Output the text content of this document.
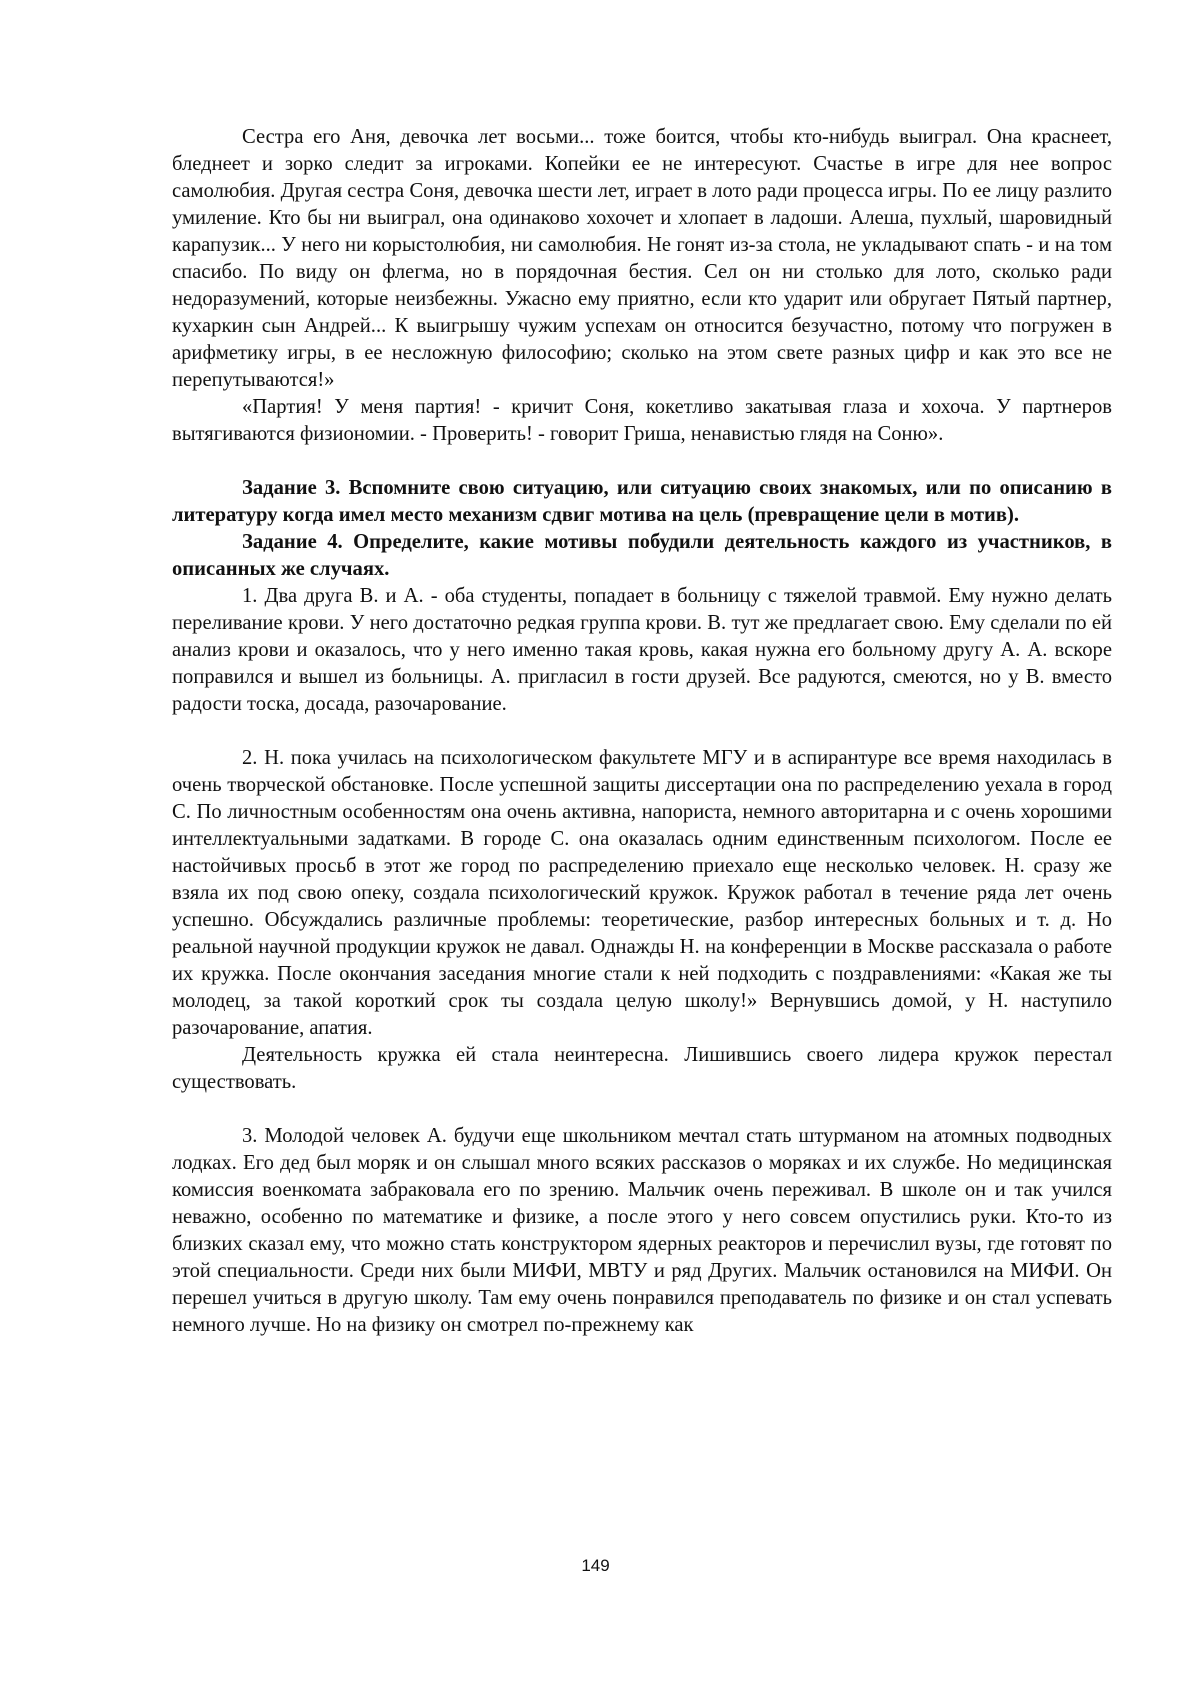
Сестра его Аня, девочка лет восьми... тоже боится, чтобы кто-нибудь выиграл. Она краснеет, бледнеет и зорко следит за игроками. Копейки ее не интересуют. Счастье в игре для нее вопрос самолюбия. Другая сестра Соня, девочка шести лет, играет в лото ради процесса игры. По ее лицу разлито умиление. Кто бы ни выиграл, она одинаково хохочет и хлопает в ладоши. Алеша, пухлый, шаровидный карапузик... У него ни корыстолюбия, ни самолюбия. Не гонят из-за стола, не укладывают спать - и на том спасибо. По виду он флегма, но в порядочная бестия. Сел он ни столько для лото, сколько ради недоразумений, которые неизбежны. Ужасно ему приятно, если кто ударит или обругает Пятый партнер, кухаркин сын Андрей... К выигрышу чужим успехам он относится безучастно, потому что погружен в арифметику игры, в ее несложную философию; сколько на этом свете разных цифр и как это все не перепутываются!»

«Партия! У меня партия! - кричит Соня, кокетливо закатывая глаза и хохоча. У партнеров вытягиваются физиономии. - Проверить! - говорит Гриша, ненавистью глядя на Соню».

Задание 3. Вспомните свою ситуацию, или ситуацию своих знакомых, или по описанию в литературу когда имел место механизм сдвиг мотива на цель (превращение цели в мотив).

Задание 4. Определите, какие мотивы побудили деятельность каждого из участников, в описанных же случаях.

1. Два друга В. и А. - оба студенты, попадает в больницу с тяжелой травмой. Ему нужно делать переливание крови. У него достаточно редкая группа крови. В. тут же предлагает свою. Ему сделали по ей анализ крови и оказалось, что у него именно такая кровь, какая нужна его больному другу А. А. вскоре поправился и вышел из больницы. А. пригласил в гости друзей. Все радуются, смеются, но у В. вместо радости тоска, досада, разочарование.

2. Н. пока училась на психологическом факультете МГУ и в аспирантуре все время находилась в очень творческой обстановке. После успешной защиты диссертации она по распределению уехала в город С. По личностным особенностям она очень активна, напориста, немного авторитарна и с очень хорошими интеллектуальными задатками. В городе С. она оказалась одним единственным психологом. После ее настойчивых просьб в этот же город по распределению приехало еще несколько человек. Н. сразу же взяла их под свою опеку, создала психологический кружок. Кружок работал в течение ряда лет очень успешно. Обсуждались различные проблемы: теоретические, разбор интересных больных и т. д. Но реальной научной продукции кружок не давал. Однажды Н. на конференции в Москве рассказала о работе их кружка. После окончания заседания многие стали к ней подходить с поздравлениями: «Какая же ты молодец, за такой короткий срок ты создала целую школу!» Вернувшись домой, у Н. наступило разочарование, апатия.

Деятельность кружка ей стала неинтересна. Лишившись своего лидера кружок перестал существовать.

3. Молодой человек А. будучи еще школьником мечтал стать штурманом на атомных подводных лодках. Его дед был моряк и он слышал много всяких рассказов о моряках и их службе. Но медицинская комиссия военкомата забраковала его по зрению. Мальчик очень переживал. В школе он и так учился неважно, особенно по математике и физике, а после этого у него совсем опустились руки. Кто-то из близких сказал ему, что можно стать конструктором ядерных реакторов и перечислил вузы, где готовят по этой специальности. Среди них были МИФИ, МВТУ и ряд Других. Мальчик остановился на МИФИ. Он перешел учиться в другую школу. Там ему очень понравился преподаватель по физике и он стал успевать немного лучше. Но на физику он смотрел по-прежнему как

149
